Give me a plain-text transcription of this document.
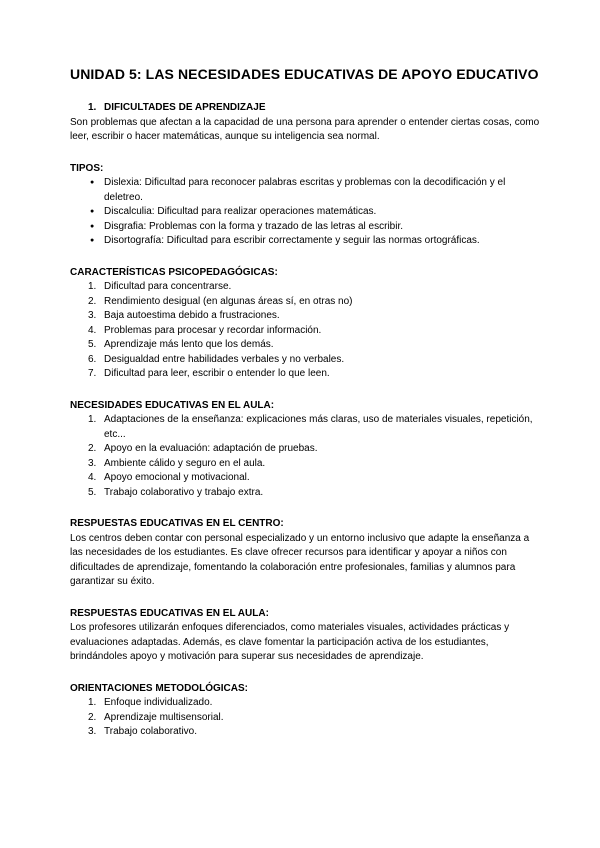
UNIDAD 5: LAS NECESIDADES EDUCATIVAS DE APOYO EDUCATIVO
1. DIFICULTADES DE APRENDIZAJE

Son problemas que afectan a la capacidad de una persona para aprender o entender ciertas cosas, como leer, escribir o hacer matemáticas, aunque su inteligencia sea normal.

TIPOS:
● Dislexia: Dificultad para reconocer palabras escritas y problemas con la decodificación y el deletreo.
● Discalculia: Dificultad para realizar operaciones matemáticas.
● Disgrafia: Problemas con la forma y trazado de las letras al escribir.
● Disortografía: Dificultad para escribir correctamente y seguir las normas ortográficas.
CARACTERÍSTICAS PSICOPEDAGÓGICAS:
1. Dificultad para concentrarse.
2. Rendimiento desigual (en algunas áreas sí, en otras no)
3. Baja autoestima debido a frustraciones.
4. Problemas para procesar y recordar información.
5. Aprendizaje más lento que los demás.
6. Desigualdad entre habilidades verbales y no verbales.
7. Dificultad para leer, escribir o entender lo que leen.
NECESIDADES EDUCATIVAS EN EL AULA:
1. Adaptaciones de la enseñanza: explicaciones más claras, uso de materiales visuales, repetición, etc...
2. Apoyo en la evaluación: adaptación de pruebas.
3. Ambiente cálido y seguro en el aula.
4. Apoyo emocional y motivacional.
5. Trabajo colaborativo y trabajo extra.
RESPUESTAS EDUCATIVAS EN EL CENTRO:

Los centros deben contar con personal especializado y un entorno inclusivo que adapte la enseñanza a las necesidades de los estudiantes. Es clave ofrecer recursos para identificar y apoyar a niños con dificultades de aprendizaje, fomentando la colaboración entre profesionales, familias y alumnos para garantizar su éxito.

RESPUESTAS EDUCATIVAS EN EL AULA:

Los profesores utilizarán enfoques diferenciados, como materiales visuales, actividades prácticas y evaluaciones adaptadas. Además, es clave fomentar la participación activa de los estudiantes, brindándoles apoyo y motivación para superar sus necesidades de aprendizaje.

ORIENTACIONES METODOLÓGICAS:
1. Enfoque individualizado.
2. Aprendizaje multisensorial.
3. Trabajo colaborativo.
